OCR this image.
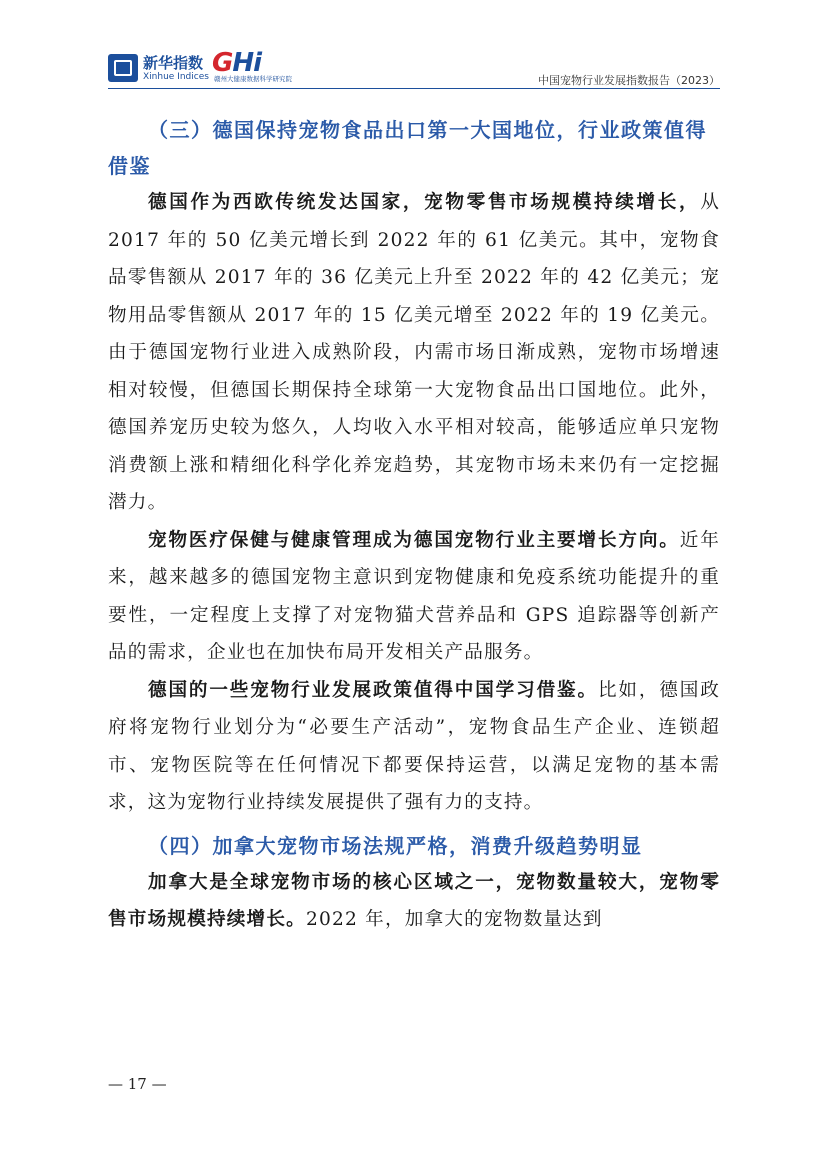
新华指数
Xinhue Indices GHi
赣州大健康数据科学研究院	中国宠物行业发展指数报告（2023）
（三）德国保持宠物食品出口第一大国地位，行业政策值得借鉴

德国作为西欧传统发达国家，宠物零售市场规模持续增长，从 2017 年的 50 亿美元增长到 2022 年的 61 亿美元。其中，宠物食品零售额从 2017 年的 36 亿美元上升至 2022 年的 42 亿美元；宠物用品零售额从 2017 年的 15 亿美元增至 2022 年的 19 亿美元。由于德国宠物行业进入成熟阶段，内需市场日渐成熟，宠物市场增速相对较慢，但德国长期保持全球第一大宠物食品出口国地位。此外，德国养宠历史较为悠久，人均收入水平相对较高，能够适应单只宠物消费额上涨和精细化科学化养宠趋势，其宠物市场未来仍有一定挖掘潜力。

宠物医疗保健与健康管理成为德国宠物行业主要增长方向。近年来，越来越多的德国宠物主意识到宠物健康和免疫系统功能提升的重要性，一定程度上支撑了对宠物猫犬营养品和 GPS 追踪器等创新产品的需求，企业也在加快布局开发相关产品服务。

德国的一些宠物行业发展政策值得中国学习借鉴。比如，德国政府将宠物行业划分为“必要生产活动”，宠物食品生产企业、连锁超市、宠物医院等在任何情况下都要保持运营，以满足宠物的基本需求，这为宠物行业持续发展提供了强有力的支持。

（四）加拿大宠物市场法规严格，消费升级趋势明显

加拿大是全球宠物市场的核心区域之一，宠物数量较大，宠物零售市场规模持续增长。2022 年，加拿大的宠物数量达到

— 17 —
